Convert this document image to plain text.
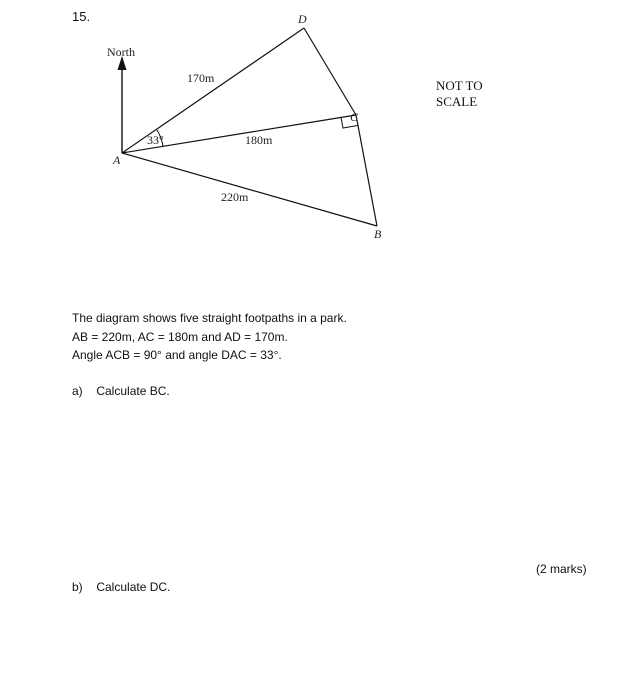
15.
North
33°
170m
180m
220m
A
B
C
D
NOT TO
SCALE
The diagram shows five straight footpaths in a park.
AB = 220m, AC = 180m and AD = 170m.
Angle ACB = 90° and angle DAC = 33°.
a) Calculate BC.
(2 marks)
b) Calculate DC.
